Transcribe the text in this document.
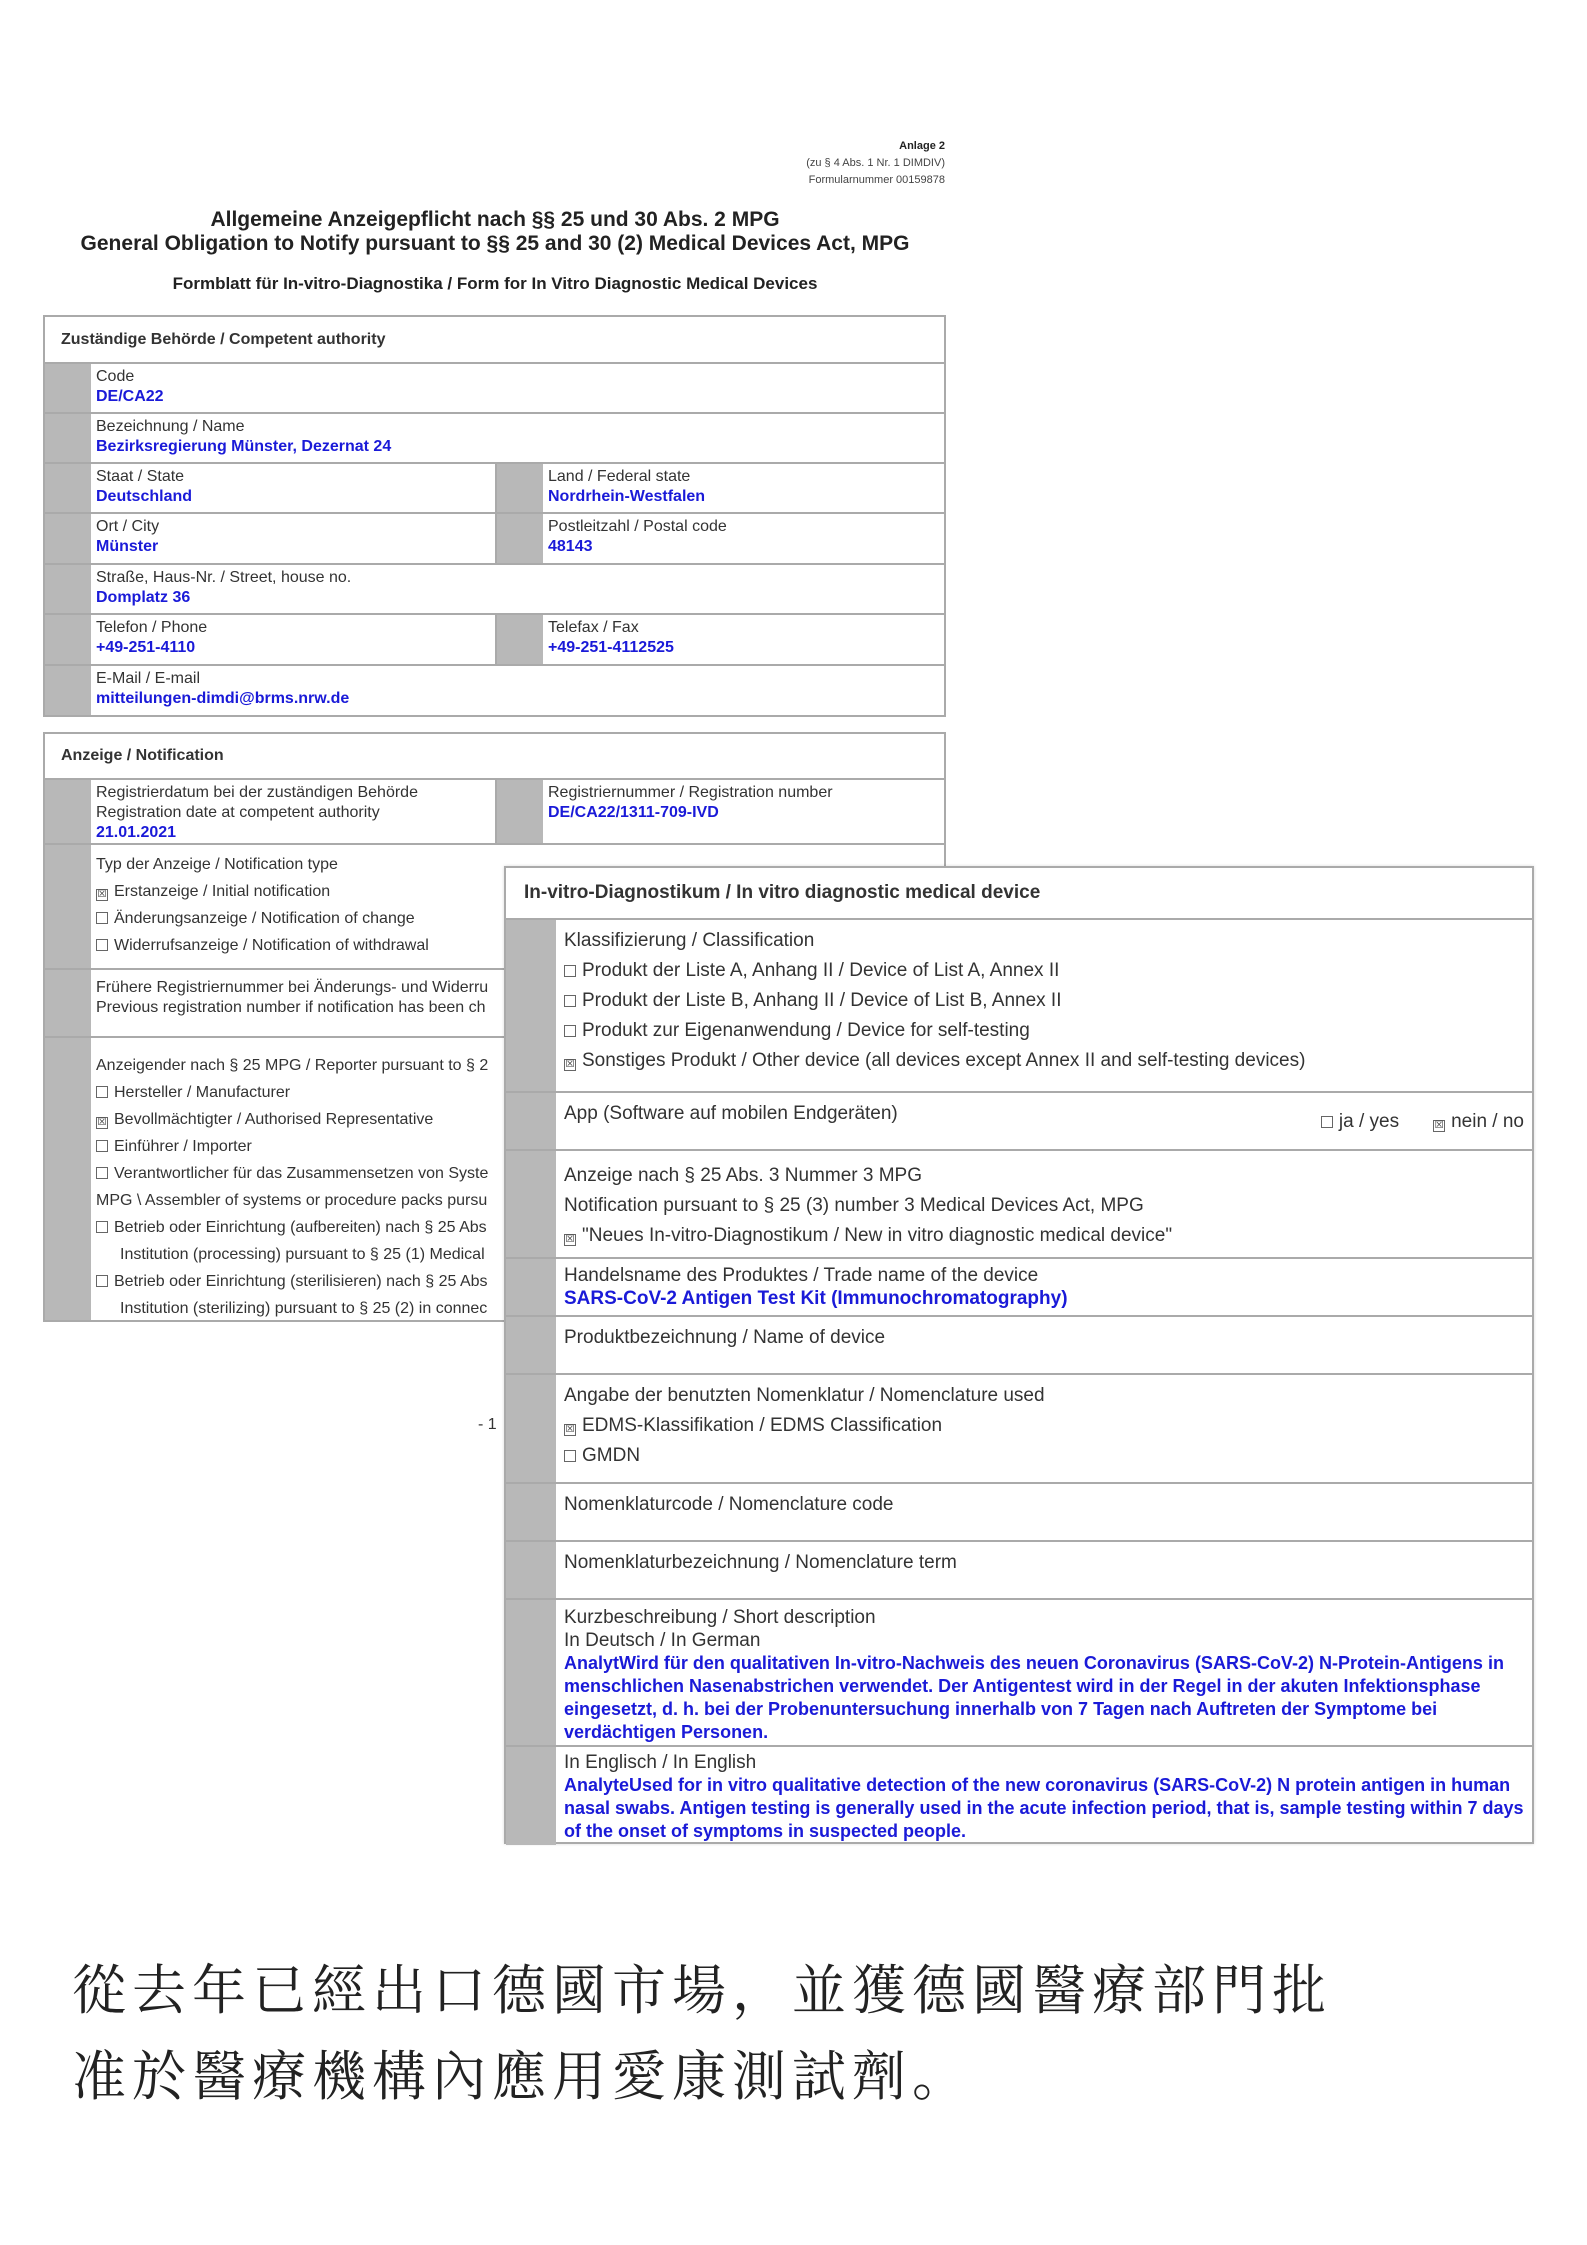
Anlage 2
(zu § 4 Abs. 1 Nr. 1 DIMDIV)
Formularnummer 00159878
Allgemeine Anzeigepflicht nach §§ 25 und 30 Abs. 2 MPG
General Obligation to Notify pursuant to §§ 25 and 30 (2) Medical Devices Act, MPG
Formblatt für In-vitro-Diagnostika / Form for In Vitro Diagnostic Medical Devices
Zuständige Behörde / Competent authority
Code
DE/CA22
Bezeichnung / Name
Bezirksregierung Münster, Dezernat 24
Staat / State
Deutschland
Land / Federal state
Nordrhein-Westfalen
Ort / City
Münster
Postleitzahl / Postal code
48143
Straße, Haus-Nr. / Street, house no.
Domplatz 36
Telefon / Phone
+49-251-4110
Telefax / Fax
+49-251-4112525
E-Mail / E-mail
mitteilungen-dimdi@brms.nrw.de
Anzeige / Notification
Registrierdatum bei der zuständigen Behörde
Registration date at competent authority
21.01.2021
Registriernummer / Registration number
DE/CA22/1311-709-IVD
Typ der Anzeige / Notification type
☒ Erstanzeige / Initial notification
Änderungsanzeige / Notification of change
Widerrufsanzeige / Notification of withdrawal
Frühere Registriernummer bei Änderungs- und Widerru
Previous registration number if notification has been ch
Anzeigender nach § 25 MPG / Reporter pursuant to § 2
Hersteller / Manufacturer
☒ Bevollmächtigter / Authorised Representative
Einführer / Importer
Verantwortlicher für das Zusammensetzen von Syste
MPG \ Assembler of systems or procedure packs pursu
Betrieb oder Einrichtung (aufbereiten) nach § 25 Abs
Institution (processing) pursuant to § 25 (1) Medical
Betrieb oder Einrichtung (sterilisieren) nach § 25 Abs
Institution (sterilizing) pursuant to § 25 (2) in connec
- 1
In-vitro-Diagnostikum / In vitro diagnostic medical device
Klassifizierung / Classification
Produkt der Liste A, Anhang II / Device of List A, Annex II
Produkt der Liste B, Anhang II / Device of List B, Annex II
Produkt zur Eigenanwendung / Device for self-testing
☒ Sonstiges Produkt / Other device (all devices except Annex II and self-testing devices)
App (Software auf mobilen Endgeräten)	ja / yes	☒ nein / no
Anzeige nach § 25 Abs. 3 Nummer 3 MPG
Notification pursuant to § 25 (3) number 3 Medical Devices Act, MPG
☒ "Neues In-vitro-Diagnostikum / New in vitro diagnostic medical device"
Handelsname des Produktes / Trade name of the device
SARS-CoV-2 Antigen Test Kit (Immunochromatography)
Produktbezeichnung / Name of device
Angabe der benutzten Nomenklatur / Nomenclature used
☒ EDMS-Klassifikation / EDMS Classification
GMDN
Nomenklaturcode / Nomenclature code
Nomenklaturbezeichnung / Nomenclature term
Kurzbeschreibung / Short description
In Deutsch / In German
AnalytWird für den qualitativen In-vitro-Nachweis des neuen Coronavirus (SARS-CoV-2) N-Protein-Antigens in menschlichen Nasenabstrichen verwendet. Der Antigentest wird in der Regel in der akuten Infektionsphase eingesetzt, d. h. bei der Probenuntersuchung innerhalb von 7 Tagen nach Auftreten der Symptome bei verdächtigen Personen.
In Englisch / In English
AnalyteUsed for in vitro qualitative detection of the new coronavirus (SARS-CoV-2) N protein antigen in human nasal swabs. Antigen testing is generally used in the acute infection period, that is, sample testing within 7 days of the onset of symptoms in suspected people.
從去年已經出口德國市場，並獲德國醫療部門批
准於醫療機構內應用愛康測試劑。
